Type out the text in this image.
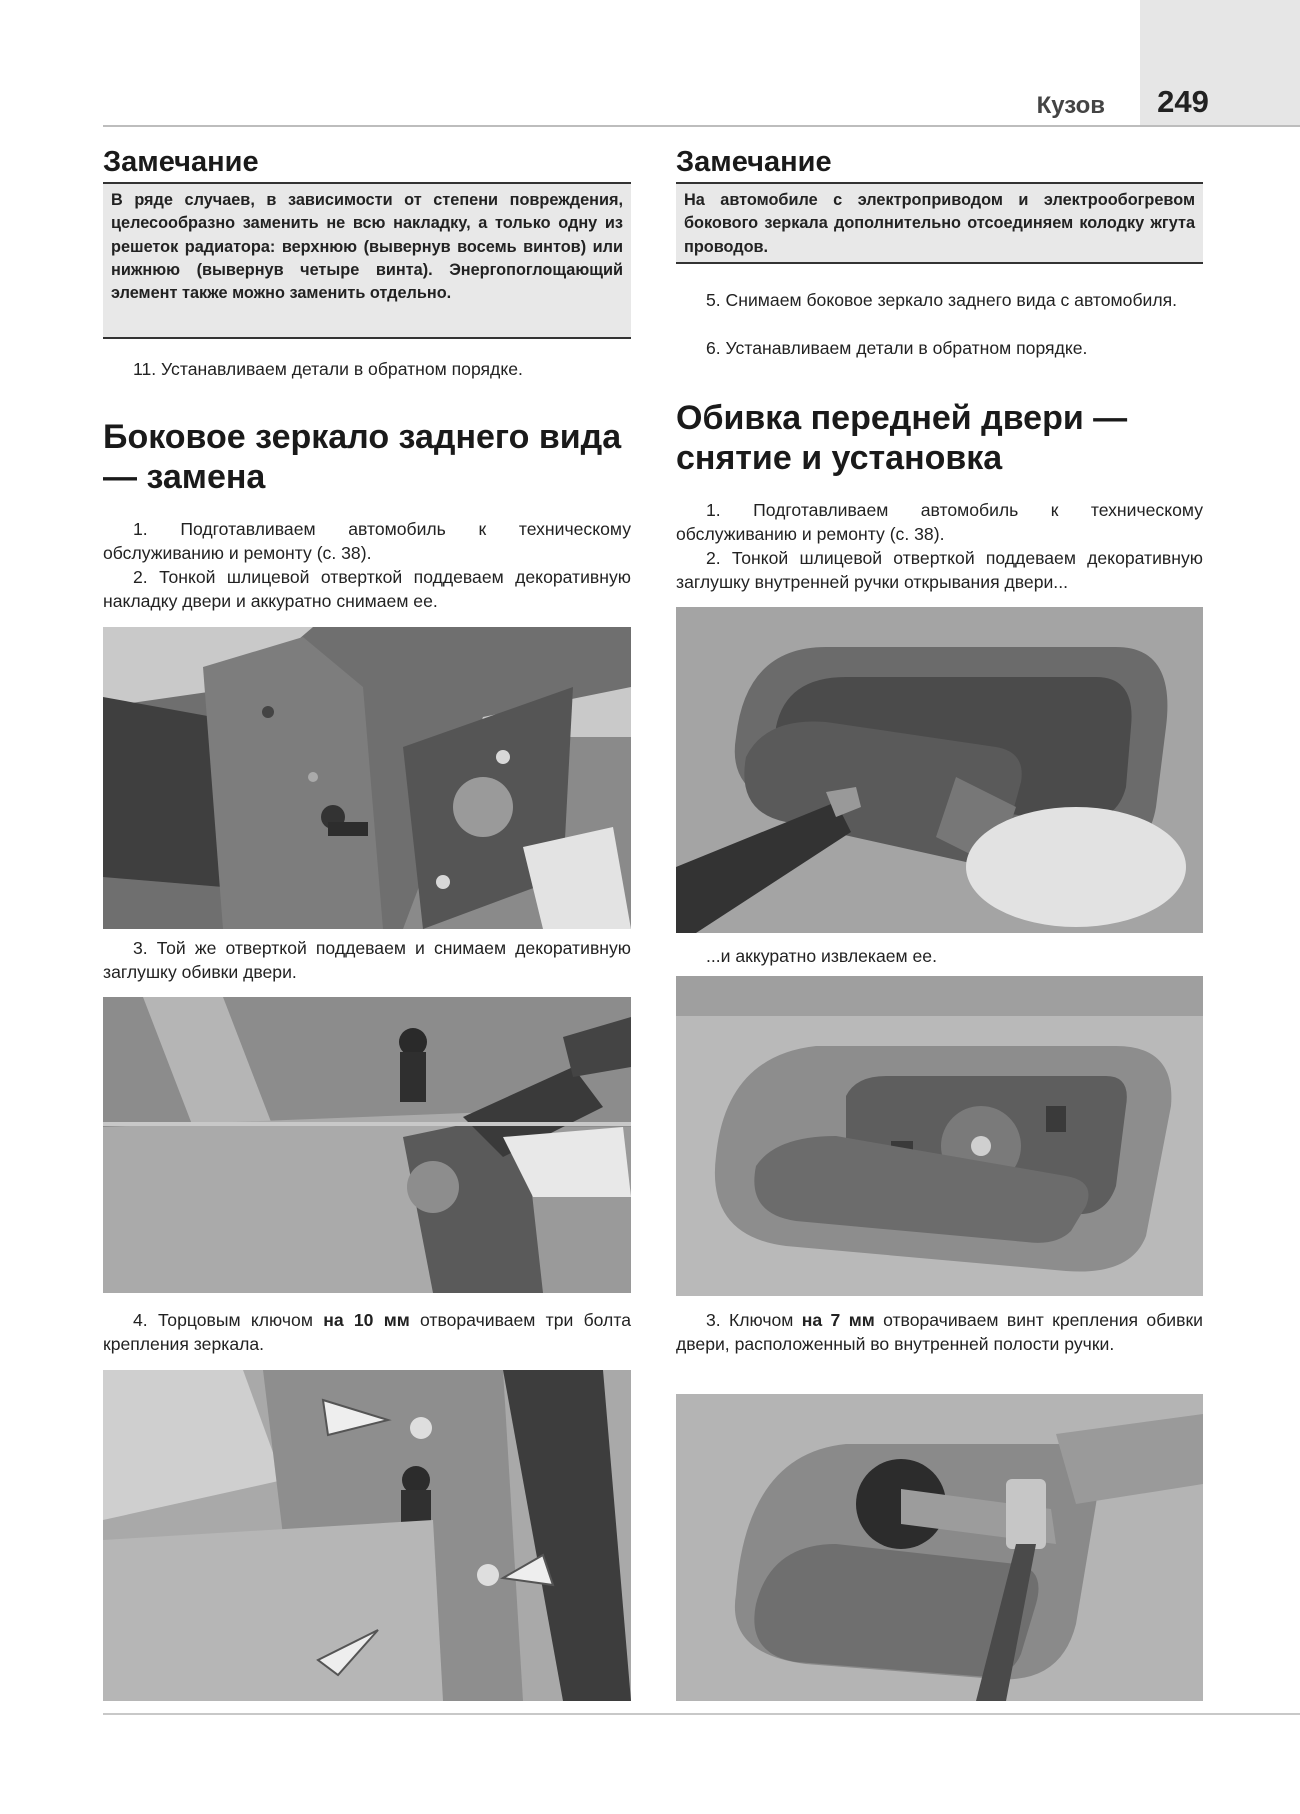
Кузов	249
Замечание
В ряде случаев, в зависимости от степени повреждения, целесообразно заменить не всю накладку, а только одну из решеток радиатора: верхнюю (вывернув восемь винтов) или нижнюю (вывернув четыре винта). Энергопоглощающий элемент также можно заменить отдельно.
11. Устанавливаем детали в обратном порядке.
Боковое зеркало заднего вида — замена
1. Подготавливаем автомобиль к техническому обслуживанию и ремонту (с. 38).
2. Тонкой шлицевой отверткой поддеваем декоративную накладку двери и аккуратно снимаем ее.
3. Той же отверткой поддеваем и снимаем декоративную заглушку обивки двери.
4. Торцовым ключом на 10 мм отворачиваем три болта крепления зеркала.
Замечание
На автомобиле с электроприводом и электрообогревом бокового зеркала дополнительно отсоединяем колодку жгута проводов.
5. Снимаем боковое зеркало заднего вида с автомобиля.
6. Устанавливаем детали в обратном порядке.
Обивка передней двери — снятие и установка
1. Подготавливаем автомобиль к техническому обслуживанию и ремонту (с. 38).
2. Тонкой шлицевой отверткой поддеваем декоративную заглушку внутренней ручки открывания двери...
...и аккуратно извлекаем ее.
3. Ключом на 7 мм отворачиваем винт крепления обивки двери, расположенный во внутренней полости ручки.
